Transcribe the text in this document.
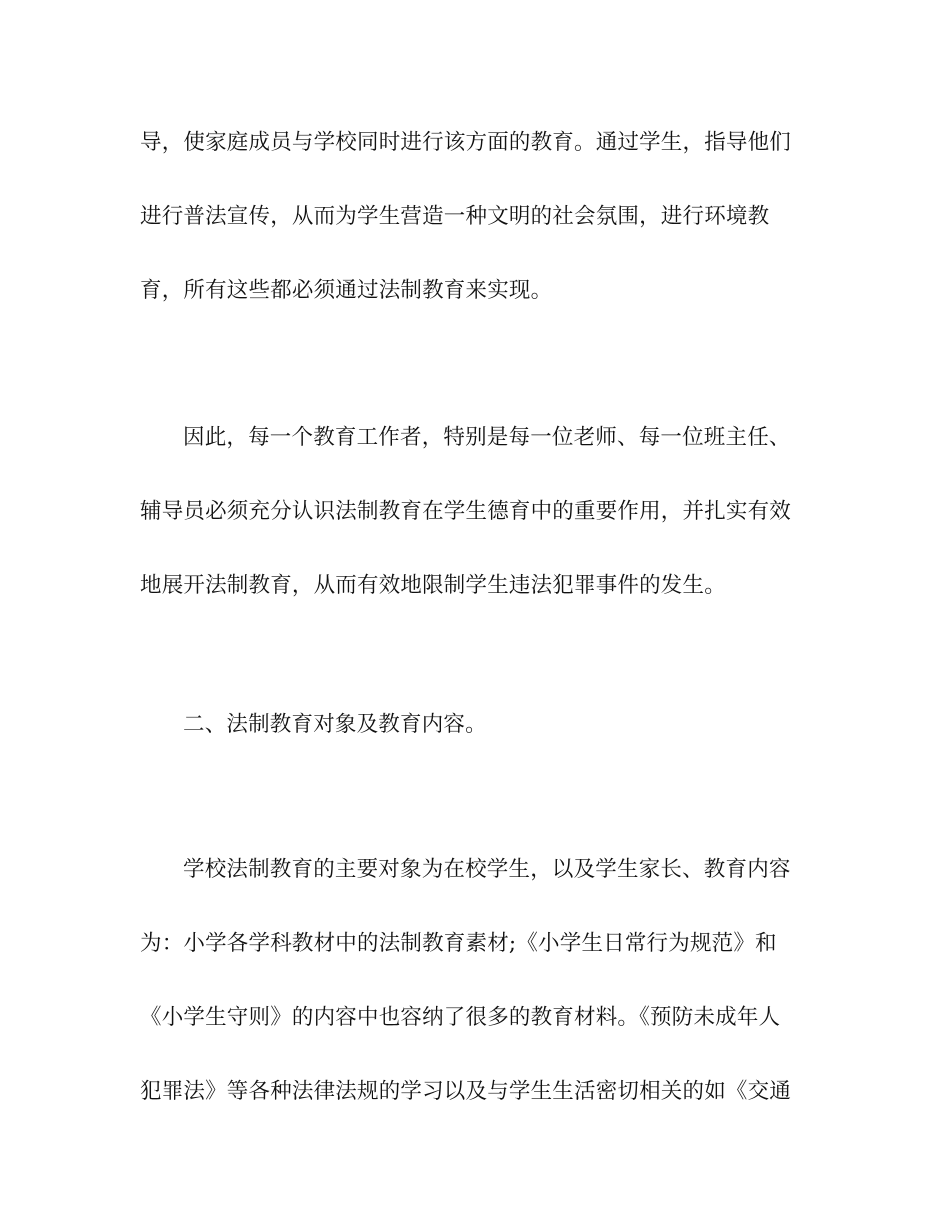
导，使家庭成员与学校同时进行该方面的教育。通过学生，指导他们
进行普法宣传，从而为学生营造一种文明的社会氛围，进行环境教
育，所有这些都必须通过法制教育来实现。
因此，每一个教育工作者，特别是每一位老师、每一位班主任、
辅导员必须充分认识法制教育在学生德育中的重要作用，并扎实有效
地展开法制教育，从而有效地限制学生违法犯罪事件的发生。
二、法制教育对象及教育内容。
学校法制教育的主要对象为在校学生，以及学生家长、教育内容
为：小学各学科教材中的法制教育素材;《小学生日常行为规范》和
《小学生守则》的内容中也容纳了很多的教育材料。《预防未成年人
犯罪法》等各种法律法规的学习以及与学生生活密切相关的如《交通
